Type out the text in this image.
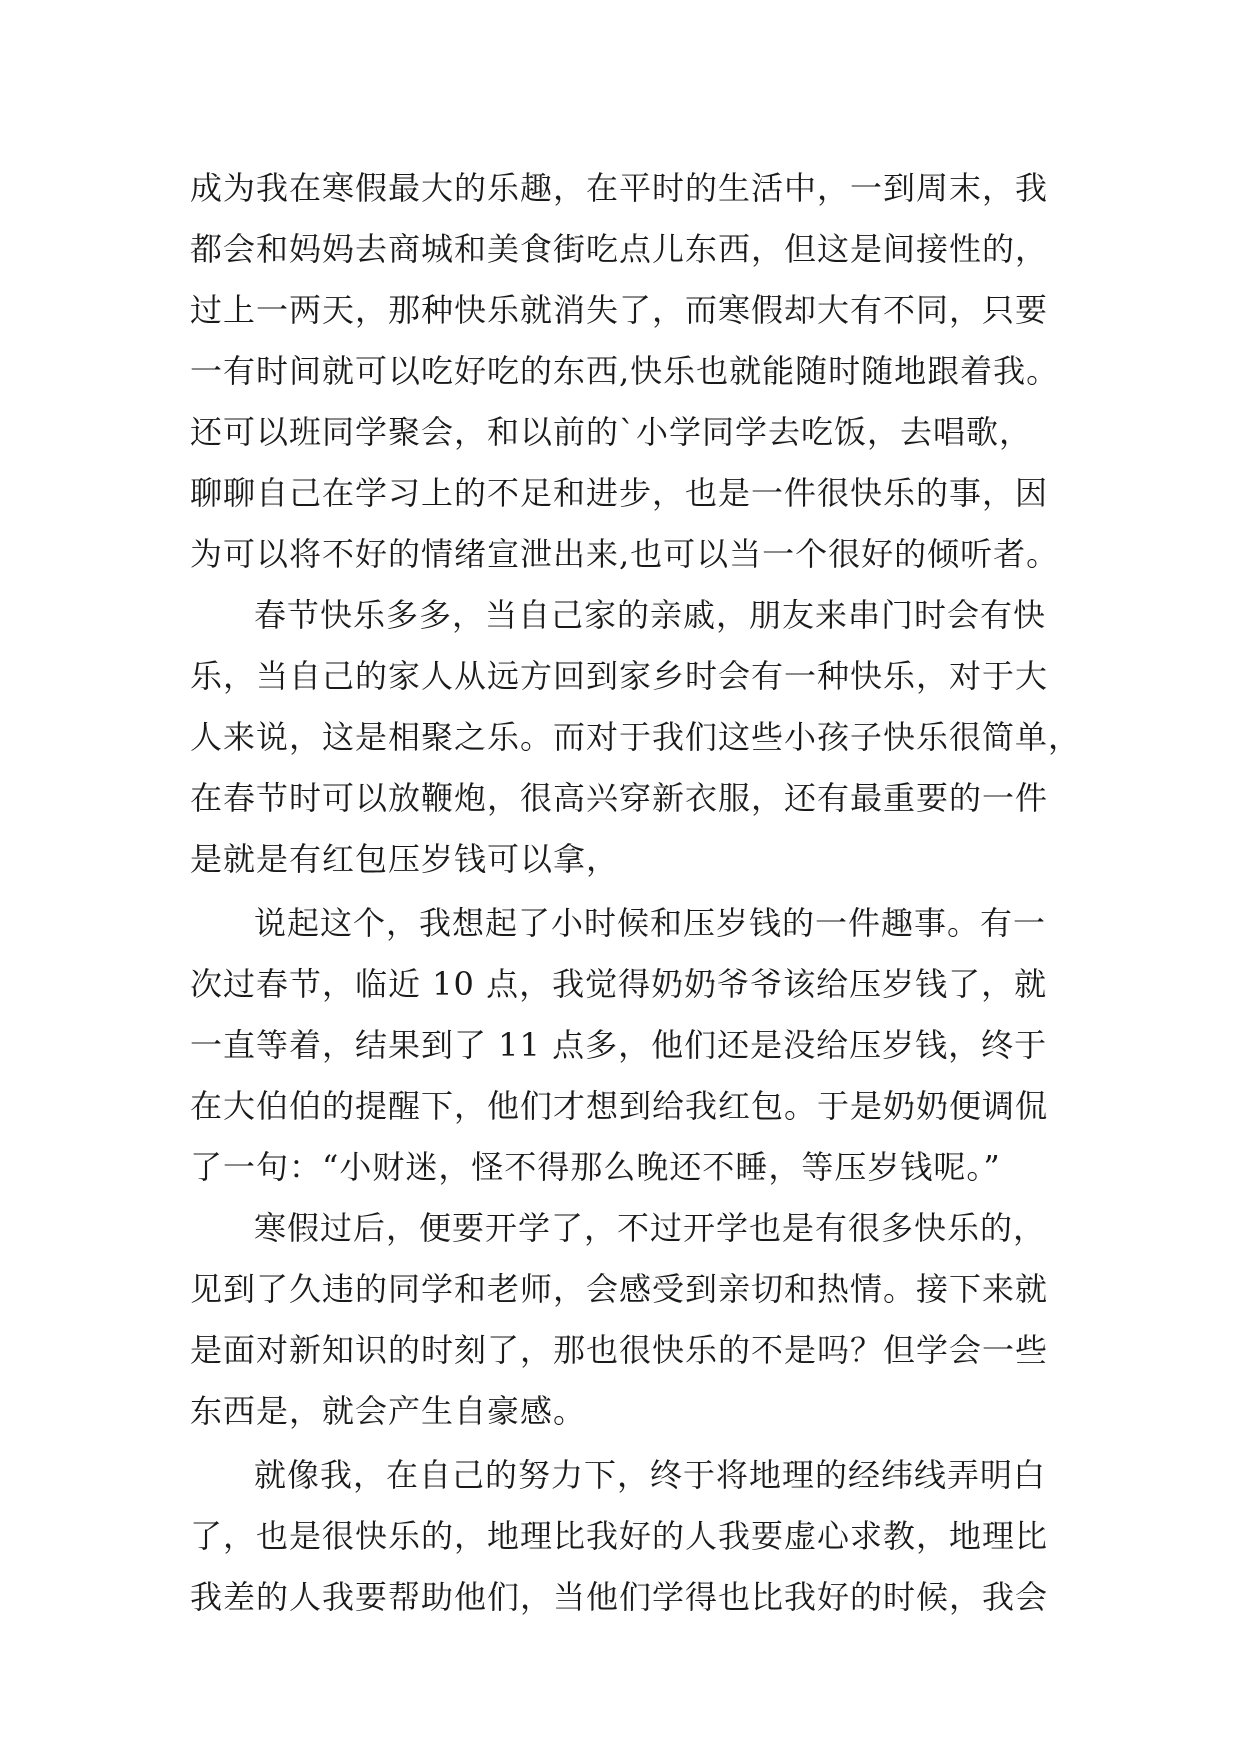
成为我在寒假最大的乐趣，在平时的生活中，一到周末，我
都会和妈妈去商城和美食街吃点儿东西，但这是间接性的，
过上一两天，那种快乐就消失了，而寒假却大有不同，只要
一有时间就可以吃好吃的东西,快乐也就能随时随地跟着我。
还可以班同学聚会，和以前的`小学同学去吃饭，去唱歌，
聊聊自己在学习上的不足和进步，也是一件很快乐的事，因
为可以将不好的情绪宣泄出来,也可以当一个很好的倾听者。
春节快乐多多，当自己家的亲戚，朋友来串门时会有快
乐，当自己的家人从远方回到家乡时会有一种快乐，对于大
人来说，这是相聚之乐。而对于我们这些小孩子快乐很简单，
在春节时可以放鞭炮，很高兴穿新衣服，还有最重要的一件
是就是有红包压岁钱可以拿，
说起这个，我想起了小时候和压岁钱的一件趣事。有一
次过春节，临近 10 点，我觉得奶奶爷爷该给压岁钱了，就
一直等着，结果到了 11 点多，他们还是没给压岁钱，终于
在大伯伯的提醒下，他们才想到给我红包。于是奶奶便调侃
了一句：“小财迷，怪不得那么晚还不睡，等压岁钱呢。”
寒假过后，便要开学了，不过开学也是有很多快乐的，
见到了久违的同学和老师，会感受到亲切和热情。接下来就
是面对新知识的时刻了，那也很快乐的不是吗？但学会一些
东西是，就会产生自豪感。
就像我，在自己的努力下，终于将地理的经纬线弄明白
了，也是很快乐的，地理比我好的人我要虚心求教，地理比
我差的人我要帮助他们，当他们学得也比我好的时候，我会
